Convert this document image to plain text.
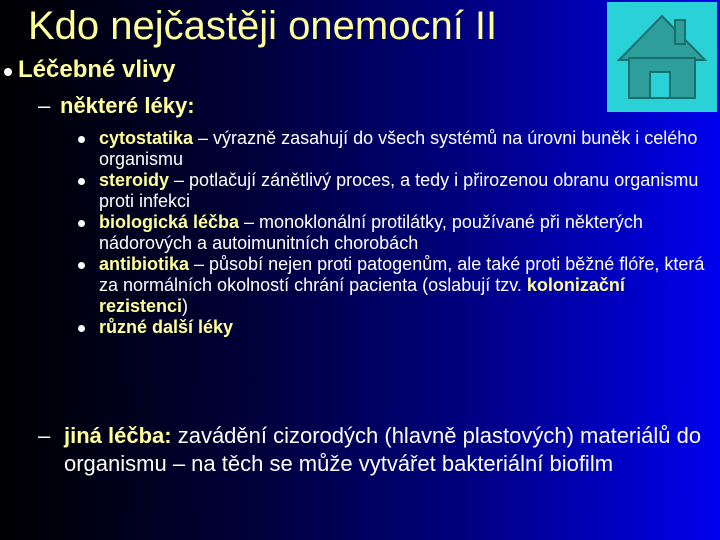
Kdo nejčastěji onemocní II
Léčebné vlivy
– některé léky:
cytostatika – výrazně zasahují do všech systémů na úrovni buněk i celého organismu
steroidy – potlačují zánětlivý proces, a tedy i přirozenou obranu organismu proti infekci
biologická léčba – monoklonální protilátky, používané při některých nádorových a autoimunitních chorobách
antibiotika – působí nejen proti patogenům, ale také proti běžné flóře, která za normálních okolností chrání pacienta (oslabují tzv. kolonizační rezistenci)
různé další léky
– jiná léčba: zavádění cizorodých (hlavně plastových) materiálů do organismu – na těch se může vytvářet bakteriální biofilm
